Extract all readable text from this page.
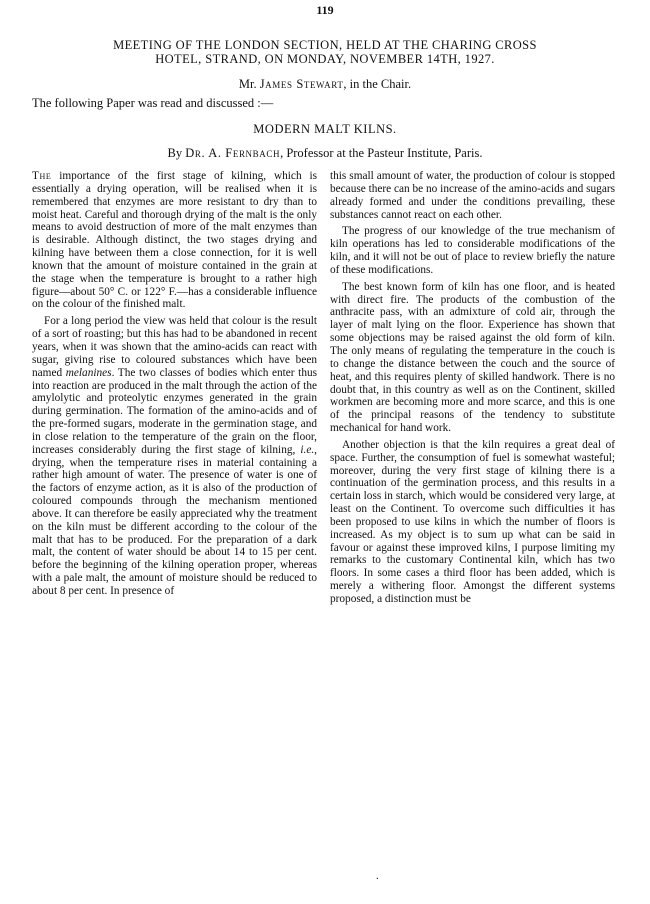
119
MEETING OF THE LONDON SECTION, HELD AT THE CHARING CROSS
HOTEL, STRAND, ON MONDAY, NOVEMBER 14TH, 1927.
Mr. James Stewart, in the Chair.
The following Paper was read and discussed :—
MODERN MALT KILNS.
By Dr. A. Fernbach, Professor at the Pasteur Institute, Paris.

The importance of the first stage of kilning, which is essentially a drying operation, will be realised when it is remembered that enzymes are more resistant to dry than to moist heat. Careful and thorough drying of the malt is the only means to avoid destruction of more of the malt enzymes than is desirable. Although distinct, the two stages drying and kilning have between them a close connection, for it is well known that the amount of moisture contained in the grain at the stage when the temperature is brought to a rather high figure—about 50° C. or 122° F.—has a considerable influence on the colour of the finished malt.

For a long period the view was held that colour is the result of a sort of roasting; but this has had to be abandoned in recent years, when it was shown that the amino-acids can react with sugar, giving rise to coloured substances which have been named melanines. The two classes of bodies which enter thus into reaction are produced in the malt through the action of the amylolytic and proteolytic enzymes generated in the grain during germination. The formation of the amino-acids and of the pre-formed sugars, moderate in the germination stage, and in close relation to the temperature of the grain on the floor, increases considerably during the first stage of kilning, i.e., drying, when the temperature rises in material containing a rather high amount of water. The presence of water is one of the factors of enzyme action, as it is also of the production of coloured compounds through the mechanism mentioned above. It can therefore be easily appreciated why the treatment on the kiln must be different according to the colour of the malt that has to be produced. For the preparation of a dark malt, the content of water should be about 14 to 15 per cent. before the beginning of the kilning operation proper, whereas with a pale malt, the amount of moisture should be reduced to about 8 per cent. In presence of

this small amount of water, the production of colour is stopped because there can be no increase of the amino-acids and sugars already formed and under the conditions prevailing, these substances cannot react on each other.

The progress of our knowledge of the true mechanism of kiln operations has led to considerable modifications of the kiln, and it will not be out of place to review briefly the nature of these modifications.

The best known form of kiln has one floor, and is heated with direct fire. The products of the combustion of the anthracite pass, with an admixture of cold air, through the layer of malt lying on the floor. Experience has shown that some objections may be raised against the old form of kiln. The only means of regulating the temperature in the couch is to change the distance between the couch and the source of heat, and this requires plenty of skilled handwork. There is no doubt that, in this country as well as on the Continent, skilled workmen are becoming more and more scarce, and this is one of the principal reasons of the tendency to substitute mechanical for hand work.

Another objection is that the kiln requires a great deal of space. Further, the consumption of fuel is somewhat wasteful; moreover, during the very first stage of kilning there is a continuation of the germination process, and this results in a certain loss in starch, which would be considered very large, at least on the Continent. To overcome such difficulties it has been proposed to use kilns in which the number of floors is increased. As my object is to sum up what can be said in favour or against these improved kilns, I purpose limiting my remarks to the customary Continental kiln, which has two floors. In some cases a third floor has been added, which is merely a withering floor. Amongst the different systems proposed, a distinction must be

.
